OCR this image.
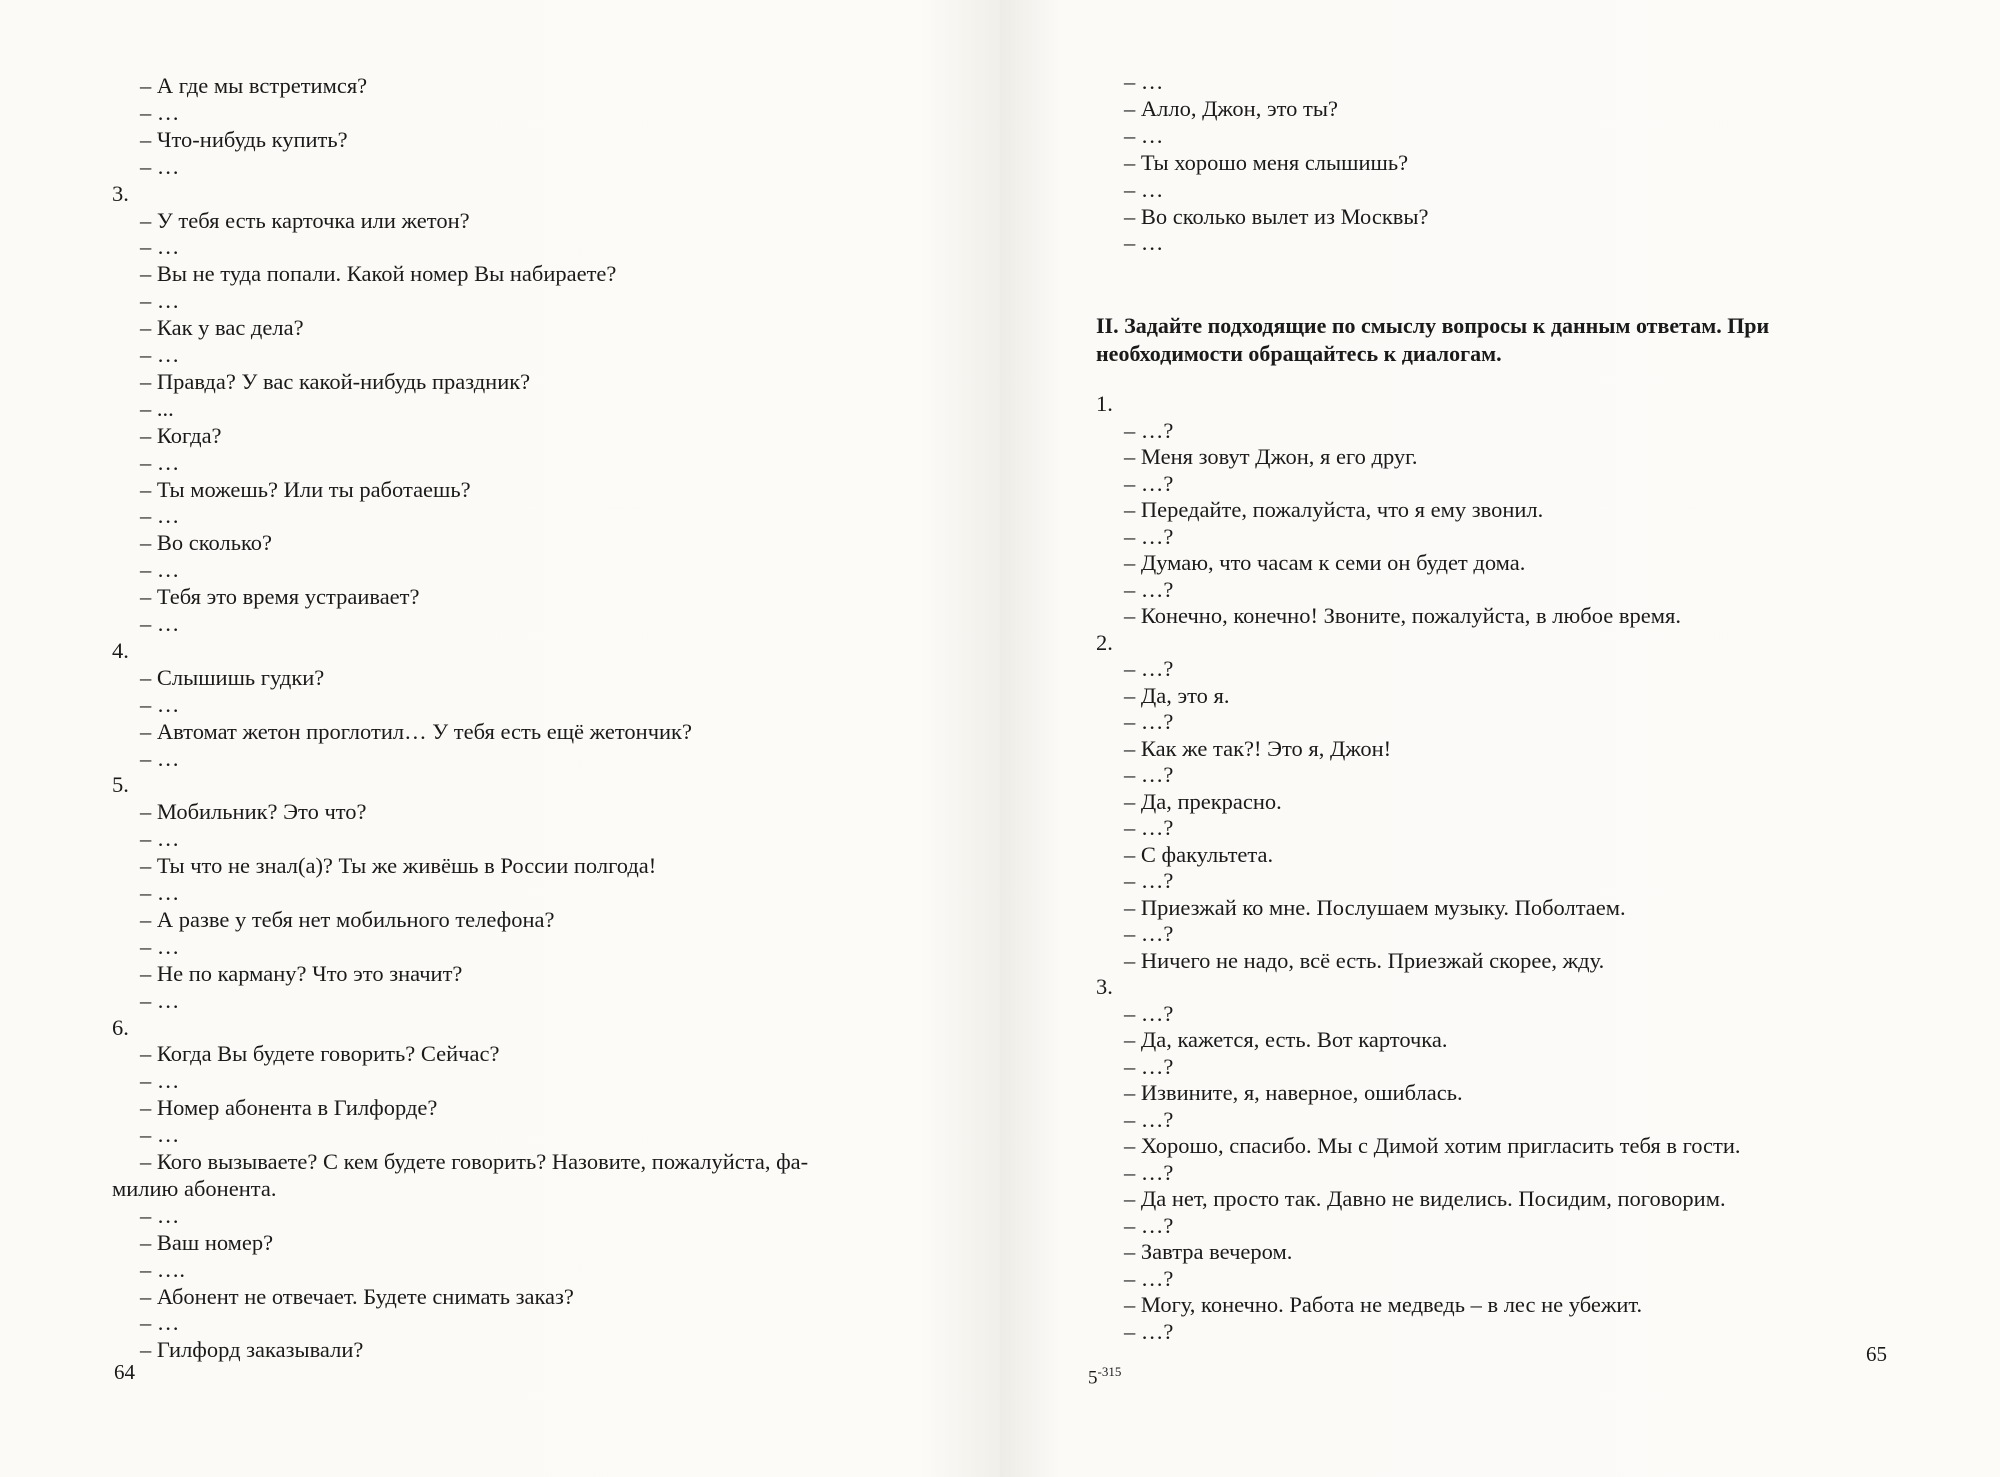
– А где мы встретимся?
– …
– Что-нибудь купить?
– …
3.
– У тебя есть карточка или жетон?
– …
– Вы не туда попали. Какой номер Вы набираете?
– …
– Как у вас дела?
– …
– Правда? У вас какой-нибудь праздник?
– ...
– Когда?
– …
– Ты можешь? Или ты работаешь?
– …
– Во сколько?
– …
– Тебя это время устраивает?
– …
4.
– Слышишь гудки?
– …
– Автомат жетон проглотил… У тебя есть ещё жетончик?
– …
5.
– Мобильник? Это что?
– …
– Ты что не знал(а)? Ты же живёшь в России полгода!
– …
– А разве у тебя нет мобильного телефона?
– …
– Не по карману? Что это значит?
– …
6.
– Когда Вы будете говорить? Сейчас?
– …
– Номер абонента в Гилфорде?
– …
– Кого вызываете? С кем будете говорить? Назовите, пожалуйста, фа-
милию абонента.
– …
– Ваш номер?
– ….
– Абонент не отвечает. Будете снимать заказ?
– …
– Гилфорд заказывали?
64
– …
– Алло, Джон, это ты?
– …
– Ты хорошо меня слышишь?
– …
– Во сколько вылет из Москвы?
– …
II. Задайте подходящие по смыслу вопросы к данным ответам. При
необходимости обращайтесь к диалогам.
1.
– …?
– Меня зовут Джон, я его друг.
– …?
– Передайте, пожалуйста, что я ему звонил.
– …?
– Думаю, что часам к семи он будет дома.
– …?
– Конечно, конечно! Звоните, пожалуйста, в любое время.
2.
– …?
– Да, это я.
– …?
– Как же так?! Это я, Джон!
– …?
– Да, прекрасно.
– …?
– С факультета.
– …?
– Приезжай ко мне. Послушаем музыку. Поболтаем.
– …?
– Ничего не надо, всё есть. Приезжай скорее, жду.
3.
– …?
– Да, кажется, есть. Вот карточка.
– …?
– Извините, я, наверное, ошиблась.
– …?
– Хорошо, спасибо. Мы с Димой хотим пригласить тебя в гости.
– …?
– Да нет, просто так. Давно не виделись. Посидим, поговорим.
– …?
– Завтра вечером.
– …?
– Могу, конечно. Работа не медведь – в лес не убежит.
– …?
$5^{-315}$
65
